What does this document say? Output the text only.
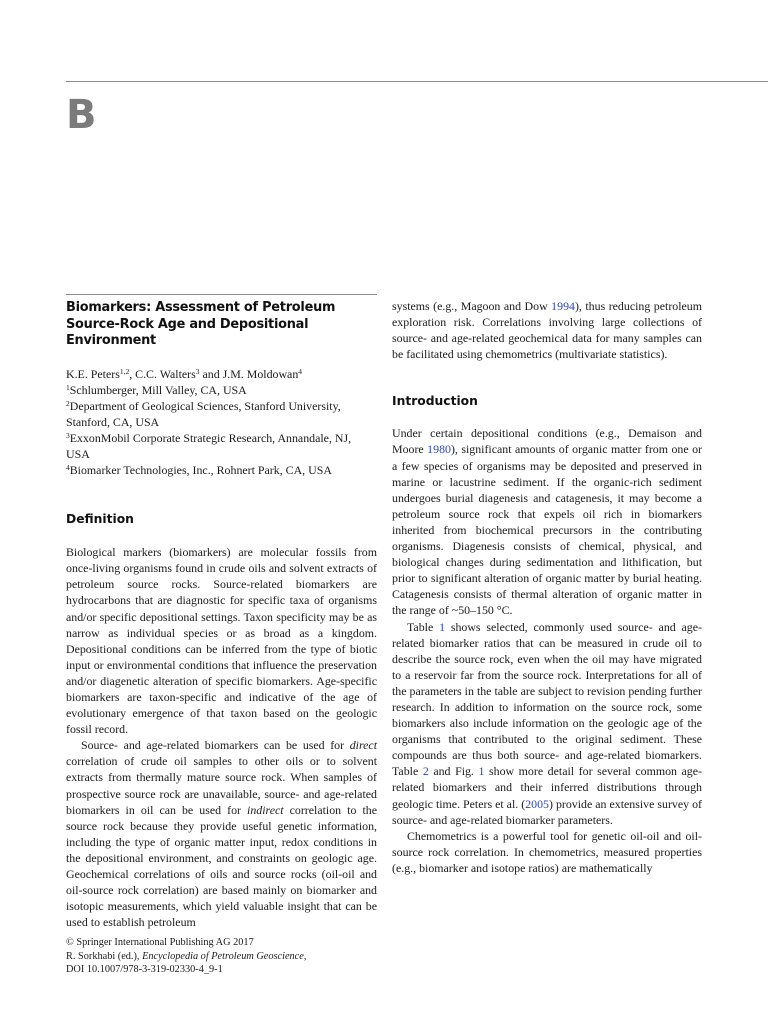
B
Biomarkers: Assessment of Petroleum Source-Rock Age and Depositional Environment
K.E. Peters$^{1,2}$, C.C. Walters$^3$ and J.M. Moldowan$^4$
$^1$Schlumberger, Mill Valley, CA, USA
$^2$Department of Geological Sciences, Stanford University, Stanford, CA, USA
$^3$ExxonMobil Corporate Strategic Research, Annandale, NJ, USA
$^4$Biomarker Technologies, Inc., Rohnert Park, CA, USA
Definition

Biological markers (biomarkers) are molecular fossils from once-living organisms found in crude oils and solvent extracts of petroleum source rocks. Source-related biomarkers are hydrocarbons that are diagnostic for specific taxa of organisms and/or specific depositional settings. Taxon specificity may be as narrow as individual species or as broad as a kingdom. Depositional conditions can be inferred from the type of biotic input or environmental conditions that influence the preservation and/or diagenetic alteration of specific biomarkers. Age-specific biomarkers are taxon-specific and indicative of the age of evolutionary emergence of that taxon based on the geologic fossil record.

Source- and age-related biomarkers can be used for direct correlation of crude oil samples to other oils or to solvent extracts from thermally mature source rock. When samples of prospective source rock are unavailable, source- and age-related biomarkers in oil can be used for indirect correlation to the source rock because they provide useful genetic information, including the type of organic matter input, redox conditions in the depositional environment, and constraints on geologic age. Geochemical correlations of oils and source rocks (oil-oil and oil-source rock correlation) are based mainly on biomarker and isotopic measurements, which yield valuable insight that can be used to establish petroleum

systems (e.g., Magoon and Dow 1994), thus reducing petroleum exploration risk. Correlations involving large collections of source- and age-related geochemical data for many samples can be facilitated using chemometrics (multivariate statistics).

Introduction

Under certain depositional conditions (e.g., Demaison and Moore 1980), significant amounts of organic matter from one or a few species of organisms may be deposited and preserved in marine or lacustrine sediment. If the organic-rich sediment undergoes burial diagenesis and catagenesis, it may become a petroleum source rock that expels oil rich in biomarkers inherited from biochemical precursors in the contributing organisms. Diagenesis consists of chemical, physical, and biological changes during sedimentation and lithification, but prior to significant alteration of organic matter by burial heating. Catagenesis consists of thermal alteration of organic matter in the range of ~50–150 °C.

Table 1 shows selected, commonly used source- and age-related biomarker ratios that can be measured in crude oil to describe the source rock, even when the oil may have migrated to a reservoir far from the source rock. Interpretations for all of the parameters in the table are subject to revision pending further research. In addition to information on the source rock, some biomarkers also include information on the geologic age of the organisms that contributed to the original sediment. These compounds are thus both source- and age-related biomarkers. Table 2 and Fig. 1 show more detail for several common age-related biomarkers and their inferred distributions through geologic time. Peters et al. (2005) provide an extensive survey of source- and age-related biomarker parameters.

Chemometrics is a powerful tool for genetic oil-oil and oil-source rock correlation. In chemometrics, measured properties (e.g., biomarker and isotope ratios) are mathematically

© Springer International Publishing AG 2017
R. Sorkhabi (ed.), Encyclopedia of Petroleum Geoscience,
DOI 10.1007/978-3-319-02330-4_9-1
